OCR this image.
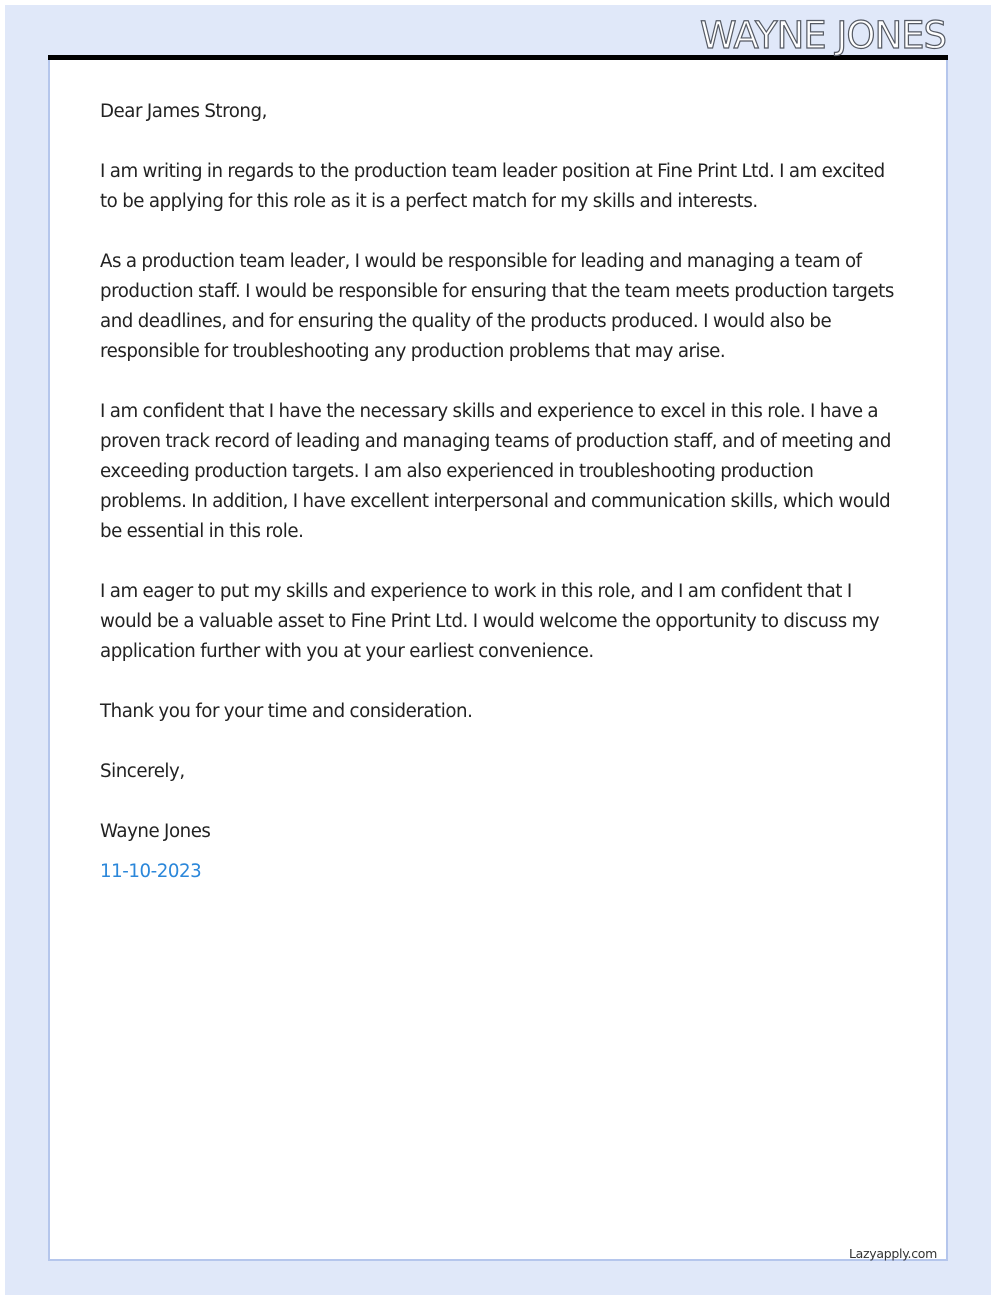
WAYNE JONES

Dear James Strong,

I am writing in regards to the production team leader position at Fine Print Ltd. I am excited to be applying for this role as it is a perfect match for my skills and interests.

As a production team leader, I would be responsible for leading and managing a team of production staff. I would be responsible for ensuring that the team meets production targets and deadlines, and for ensuring the quality of the products produced. I would also be responsible for troubleshooting any production problems that may arise.

I am confident that I have the necessary skills and experience to excel in this role. I have a proven track record of leading and managing teams of production staff, and of meeting and exceeding production targets. I am also experienced in troubleshooting production problems. In addition, I have excellent interpersonal and communication skills, which would be essential in this role.

I am eager to put my skills and experience to work in this role, and I am confident that I would be a valuable asset to Fine Print Ltd. I would welcome the opportunity to discuss my application further with you at your earliest convenience.

Thank you for your time and consideration.

Sincerely,

Wayne Jones

11-10-2023

Lazyapply.com
